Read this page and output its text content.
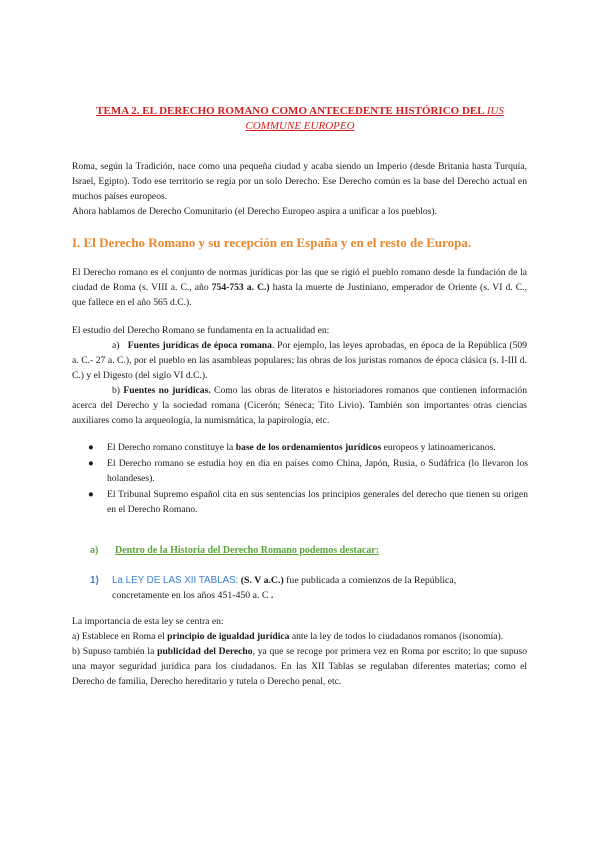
TEMA 2. EL DERECHO ROMANO COMO ANTECEDENTE HISTÓRICO DEL IUS
COMMUNE EUROPEO

Roma, según la Tradición, nace como una pequeña ciudad y acaba siendo un Imperio (desde Britania hasta Turquía, Israel, Egipto). Todo ese territorio se regía por un solo Derecho. Ese Derecho común es la base del Derecho actual en muchos países europeos.

Ahora hablamos de Derecho Comunitario (el Derecho Europeo aspira a unificar a los pueblos).

I. El Derecho Romano y su recepción en España y en el resto de Europa.

El Derecho romano es el conjunto de normas jurídicas por las que se rigió el pueblo romano desde la fundación de la ciudad de Roma (s. VIII a. C., año 754-753 a. C.) hasta la muerte de Justiniano, emperador de Oriente (s. VI d. C., que fallece en el año 565 d.C.).

El estudio del Derecho Romano se fundamenta en la actualidad en:

a) Fuentes jurídicas de época romana. Por ejemplo, las leyes aprobadas, en época de la República (509 a. C.- 27 a. C.), por el pueblo en las asambleas populares; las obras de los juristas romanos de época clásica (s. I-III d. C.) y el Digesto (del siglo VI d.C.).

b) Fuentes no jurídicas. Como las obras de literatos e historiadores romanos que contienen información acerca del Derecho y la sociedad romana (Cicerón; Séneca; Tito Livio). También son importantes otras ciencias auxiliares como la arqueología, la numismática, la papirología, etc.

● El Derecho romano constituye la base de los ordenamientos jurídicos europeos y latinoamericanos.
● El Derecho romano se estudia hoy en día en países como China, Japón, Rusia, o Sudáfrica (lo llevaron los holandeses).
● El Tribunal Supremo español cita en sus sentencias los principios generales del derecho que tienen su origen en el Derecho Romano.
a) Dentro de la Historia del Derecho Romano podemos destacar:
1) La LEY DE LAS XII TABLAS: (S. V a.C.) fue publicada a comienzos de la República,
concretamente en los años 451-450 a. C .

La importancia de esta ley se centra en:

a) Establece en Roma el principio de igualdad jurídica ante la ley de todos lo ciudadanos romanos (isonomía).

b) Supuso también la publicidad del Derecho, ya que se recoge por primera vez en Roma por escrito; lo que supuso una mayor seguridad jurídica para los ciudadanos. En las XII Tablas se regulaban diferentes materias; como el Derecho de familia, Derecho hereditario y tutela o Derecho penal, etc.
